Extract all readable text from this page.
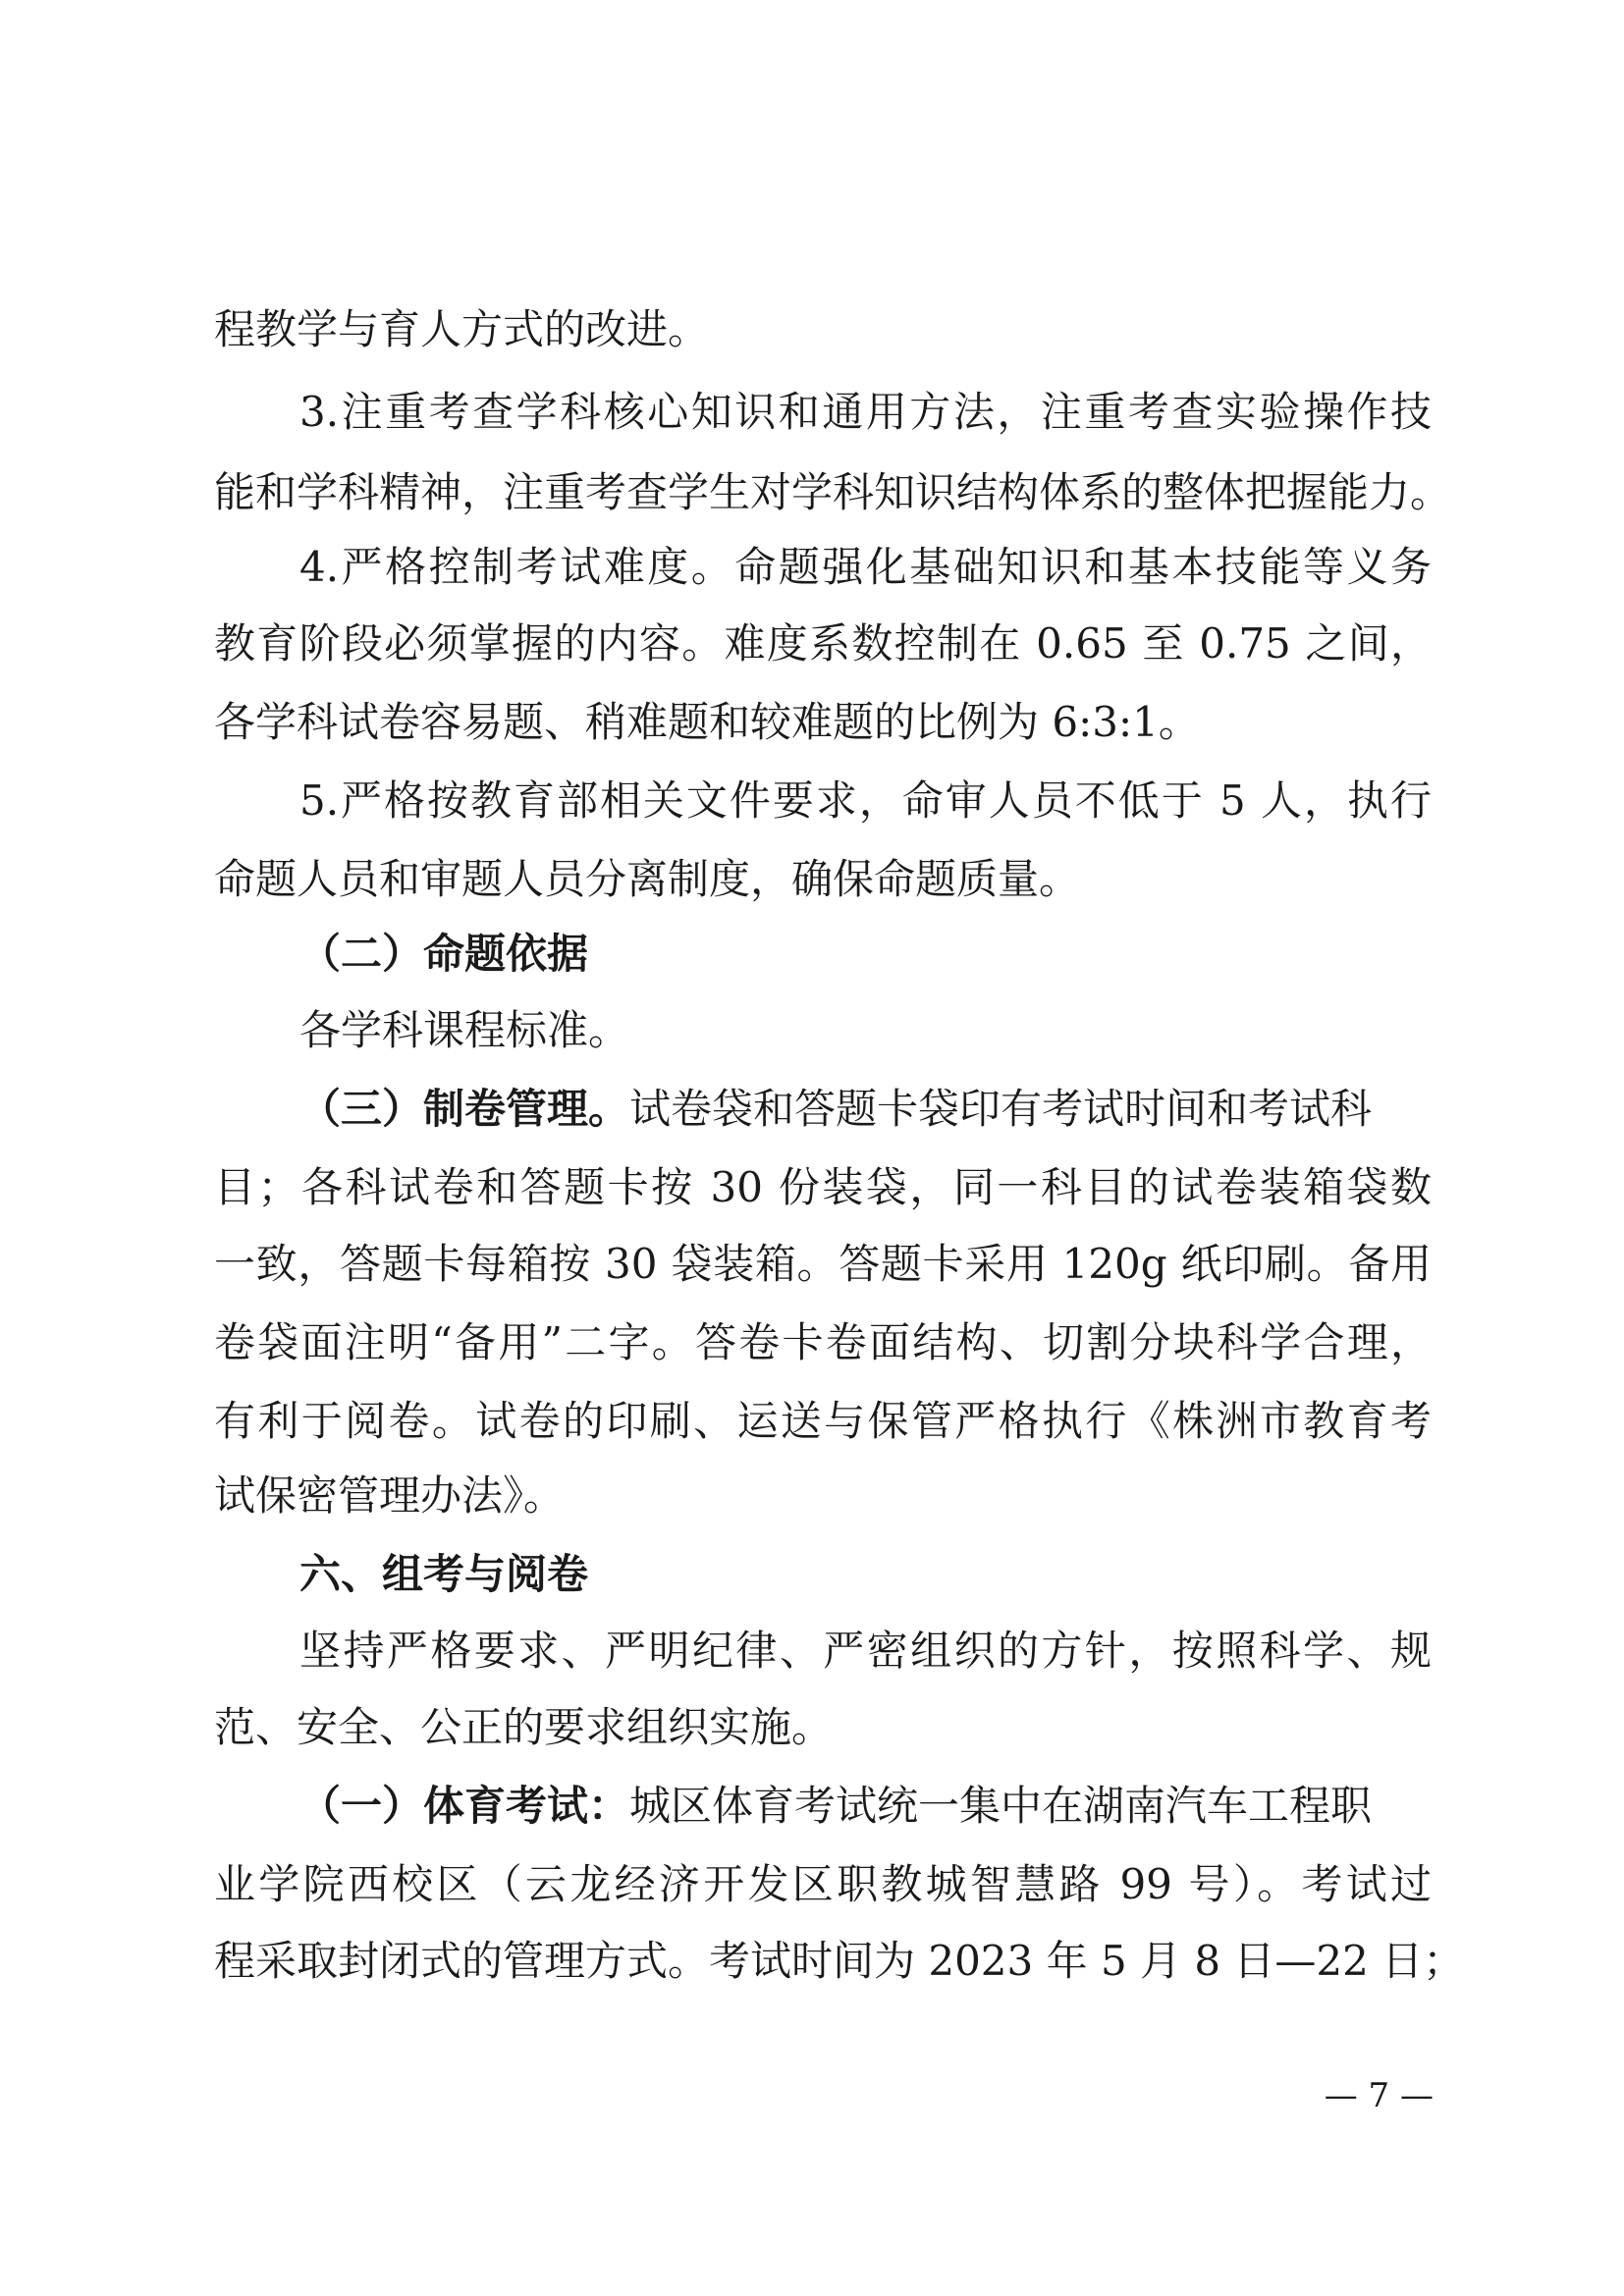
程教学与育人方式的改进。
3.注重考查学科核心知识和通用方法，注重考查实验操作技
能和学科精神，注重考查学生对学科知识结构体系的整体把握能力。
4.严格控制考试难度。命题强化基础知识和基本技能等义务
教育阶段必须掌握的内容。难度系数控制在 0.65 至 0.75 之间，
各学科试卷容易题、稍难题和较难题的比例为 6:3:1。
5.严格按教育部相关文件要求，命审人员不低于 5 人，执行
命题人员和审题人员分离制度，确保命题质量。
（二）命题依据
各学科课程标准。
（三）制卷管理。试卷袋和答题卡袋印有考试时间和考试科
目；各科试卷和答题卡按 30 份装袋，同一科目的试卷装箱袋数
一致，答题卡每箱按 30 袋装箱。答题卡采用 120g 纸印刷。备用
卷袋面注明“备用”二字。答卷卡卷面结构、切割分块科学合理，
有利于阅卷。试卷的印刷、运送与保管严格执行《株洲市教育考
试保密管理办法》。
六、组考与阅卷
坚持严格要求、严明纪律、严密组织的方针，按照科学、规
范、安全、公正的要求组织实施。
（一）体育考试：城区体育考试统一集中在湖南汽车工程职
业学院西校区（云龙经济开发区职教城智慧路 99 号）。考试过
程采取封闭式的管理方式。考试时间为 2023 年 5 月 8 日—22 日；
— 7 —
